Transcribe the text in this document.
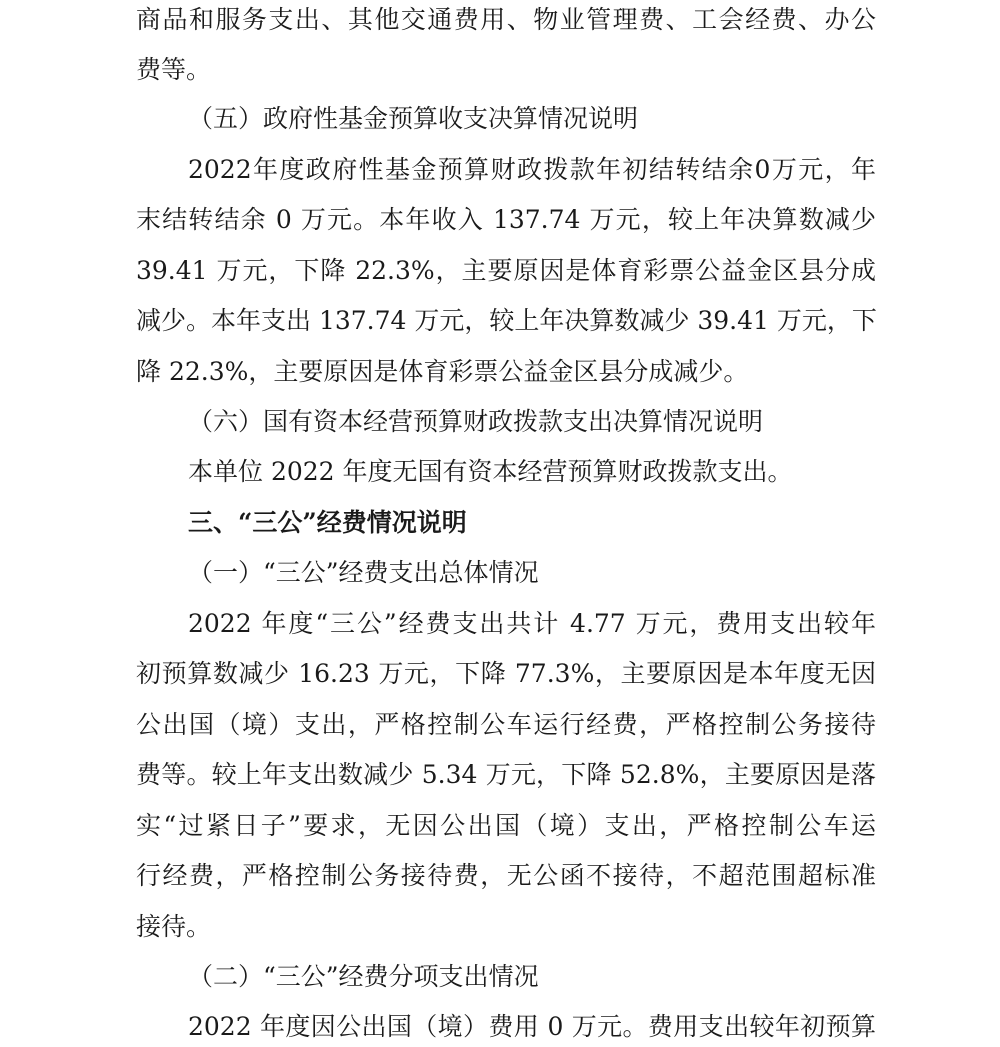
商品和服务支出、其他交通费用、物业管理费、工会经费、办公
费等。
（五）政府性基金预算收支决算情况说明
2022年度政府性基金预算财政拨款年初结转结余0万元，年
末结转结余 0 万元。本年收入 137.74 万元，较上年决算数减少
39.41 万元，下降 22.3%，主要原因是体育彩票公益金区县分成
减少。本年支出 137.74 万元，较上年决算数减少 39.41 万元，下
降 22.3%，主要原因是体育彩票公益金区县分成减少。
（六）国有资本经营预算财政拨款支出决算情况说明
本单位 2022 年度无国有资本经营预算财政拨款支出。
三、“三公”经费情况说明
（一）“三公”经费支出总体情况
2022 年度“三公”经费支出共计 4.77 万元，费用支出较年
初预算数减少 16.23 万元，下降 77.3%，主要原因是本年度无因
公出国（境）支出，严格控制公车运行经费，严格控制公务接待
费等。较上年支出数减少 5.34 万元，下降 52.8%，主要原因是落
实“过紧日子”要求，无因公出国（境）支出，严格控制公车运
行经费，严格控制公务接待费，无公函不接待，不超范围超标准
接待。
（二）“三公”经费分项支出情况
2022 年度因公出国（境）费用 0 万元。费用支出较年初预算
